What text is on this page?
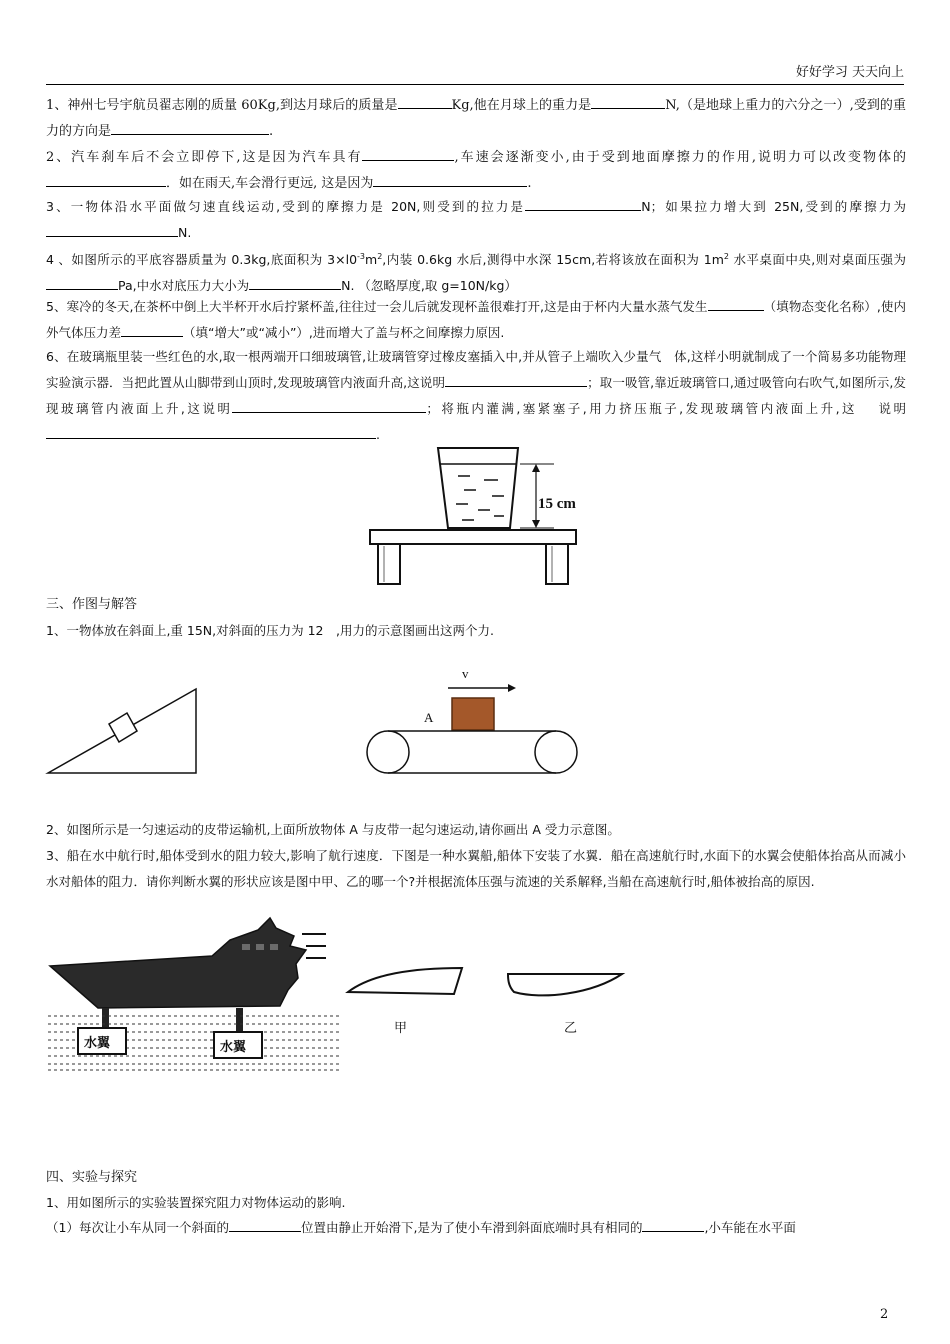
好好学习 天天向上
1、神州七号宇航员翟志刚的质量 60Kg,到达月球后的质量是	Kg,他在月球上的重力是	N,（是地球上重力的六分之一）,受到的重力的方向是	.
2、汽车刹车后不会立即停下,这是因为汽车具有	,车速会逐渐变小,由于受到地面摩擦力的作用,说明力可以改变物体的．如在雨天,车会滑行更远, 这是因为	.
3、一物体沿水平面做匀速直线运动,受到的摩擦力是 20N,则受到的拉力是	N；如果拉力增大到 25N,受到的摩擦力为N.
4 、如图所示的平底容器质量为 0.3kg,底面积为 $3\times l0^{-3}m^2$,内装 0.6kg 水后,测得中水深 15cm,若将该放在面积为 $1m^2$ 水平桌面中央,则对桌面压强为Pa,中水对底压力大小为	N. （忽略厚度,取 g=10N/kg）
5、寒冷的冬天,在茶杯中倒上大半杯开水后拧紧杯盖,往往过一会儿后就发现杯盖很难打开,这是由于杯内大量水蒸气发生	（填物态变化名称）,使内外气体压力差	（填“增大”或“减小”）,进而增大了盖与杯之间摩擦力原因.
6、在玻璃瓶里装一些红色的水,取一根两端开口细玻璃管,让玻璃管穿过橡皮塞插入中,并从管子上端吹入少量气　体,这样小明就制成了一个简易多功能物理实验演示器．当把此置从山脚带到山顶时,发现玻璃管内液面升高,这说明	；取一吸管,靠近玻璃管口,通过吸管向右吹气,如图所示,发现玻璃管内液面上升,这说明	；将瓶内灌满,塞紧塞子,用力挤压瓶子,发现玻璃管内液面上升,这　 说明.
15 cm
三、作图与解答
1、一物体放在斜面上,重 15N,对斜面的压力为 12　,用力的示意图画出这两个力.
v
A
2、如图所示是一匀速运动的皮带运输机,上面所放物体 A 与皮带一起匀速运动,请你画出 A 受力示意图。
3、船在水中航行时,船体受到水的阻力较大,影响了航行速度．下图是一种水翼船,船体下安装了水翼．船在高速航行时,水面下的水翼会使船体抬高从而减小水对船体的阻力．请你判断水翼的形状应该是图中甲、乙的哪一个?并根据流体压强与流速的关系解释,当船在高速航行时,船体被抬高的原因.
水翼	水翼
甲	乙
四、实验与探究
1、用如图所示的实验装置探究阻力对物体运动的影响.
（1）每次让小车从同一个斜面的	位置由静止开始滑下,是为了使小车滑到斜面底端时具有相同的	,小车能在水平面
2
